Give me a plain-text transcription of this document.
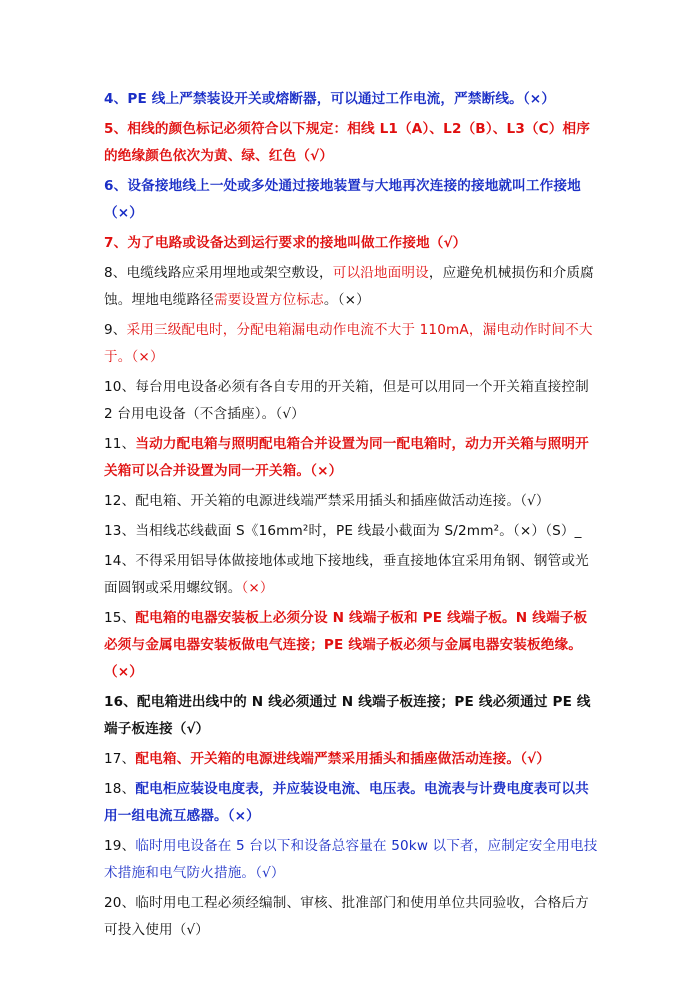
4、PE 线上严禁装设开关或熔断器，可以通过工作电流，严禁断线。（×）

5、相线的颜色标记必须符合以下规定：相线 L1（A）、L2（B）、L3（C）相序的绝缘颜色依次为黄、绿、红色（√）

6、设备接地线上一处或多处通过接地装置与大地再次连接的接地就叫工作接地（×）

7、为了电路或设备达到运行要求的接地叫做工作接地（√）

8、电缆线路应采用埋地或架空敷设，可以沿地面明设，应避免机械损伤和介质腐蚀。埋地电缆路径需要设置方位标志。（×）

9、采用三级配电时，分配电箱漏电动作电流不大于 110mA，漏电动作时间不大于。（×）

10、每台用电设备必须有各自专用的开关箱，但是可以用同一个开关箱直接控制 2 台用电设备（不含插座）。（√）

11、当动力配电箱与照明配电箱合并设置为同一配电箱时，动力开关箱与照明开关箱可以合并设置为同一开关箱。（×）

12、配电箱、开关箱的电源进线端严禁采用插头和插座做活动连接。（√）

13、当相线芯线截面 S《16mm²时，PE 线最小截面为 S/2mm²。（×）（S）_

14、不得采用铝导体做接地体或地下接地线，垂直接地体宜采用角钢、钢管或光面圆钢或采用螺纹钢。（×）

15、配电箱的电器安装板上必须分设 N 线端子板和 PE 线端子板。N 线端子板必须与金属电器安装板做电气连接；PE 线端子板必须与金属电器安装板绝缘。（×）

16、配电箱进出线中的 N 线必须通过 N 线端子板连接；PE 线必须通过 PE 线端子板连接（√）

17、配电箱、开关箱的电源进线端严禁采用插头和插座做活动连接。（√）

18、配电柜应装设电度表，并应装设电流、电压表。电流表与计费电度表可以共用一组电流互感器。（×）

19、临时用电设备在 5 台以下和设备总容量在 50kw 以下者，应制定安全用电技术措施和电气防火措施。（√）

20、临时用电工程必须经编制、审核、批准部门和使用单位共同验收，合格后方可投入使用（√）
